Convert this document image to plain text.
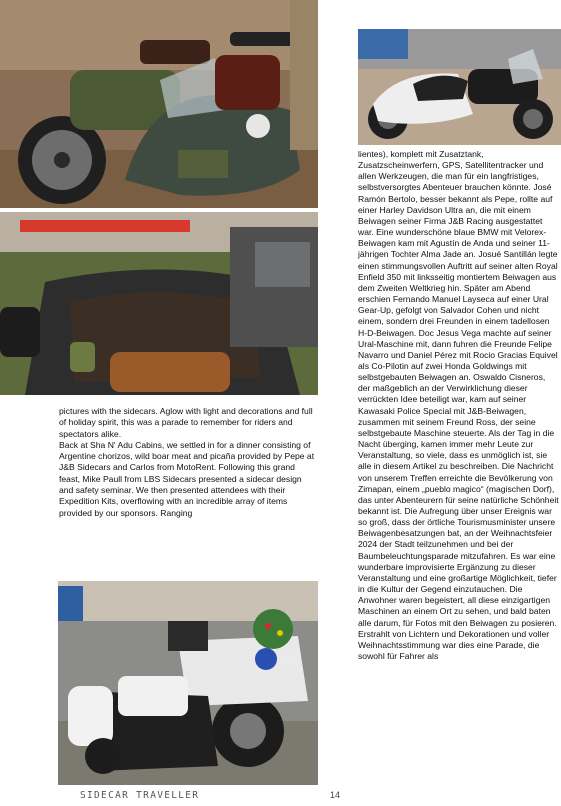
pictures with the sidecars. Aglow with light and decorations and full of holiday spirit, this was a parade to remember for riders and spectators alike.
Back at Sha N' Adu Cabins, we settled in for a dinner consisting of Argentine chorizos, wild boar meat and picaña provided by Pepe at J&B Sidecars and Carlos from MotoRent. Following this grand feast, Mike Paull from LBS Sidecars presented a sidecar design and safety seminar. We then presented attendees with their Expedition Kits, overflowing with an incredible array of items provided by our sponsors. Ranging

lientes), komplett mit Zusatztank, Zusatzscheinwerfern, GPS, Satellitentracker und allen Werkzeugen, die man für ein langfristiges, selbstversorgtes Abenteuer brauchen könnte. José Ramón Bertolo, besser bekannt als Pepe, rollte auf einer Harley Davidson Ultra an, die mit einem Beiwagen seiner Firma J&B Racing ausgestattet war. Eine wunderschöne blaue BMW mit Velorex-Beiwagen kam mit Agustín de Anda und seiner 11-jährigen Tochter Alma Jade an. Josué Santillán legte einen stimmungsvollen Auftritt auf seiner alten Royal Enfield 350 mit linksseitig montiertem Beiwagen aus dem Zweiten Weltkrieg hin. Später am Abend erschien Fernando Manuel Layseca auf einer Ural Gear-Up, gefolgt von Salvador Cohen und nicht einem, sondern drei Freunden in einem tadellosen H-D-Beiwagen. Doc Jesus Vega machte auf seiner Ural-Maschine mit, dann fuhren die Freunde Felipe Navarro und Daniel Pérez mit Rocio Gracias Equivel als Co-Pilotin auf zwei Honda Goldwings mit selbstgebauten Beiwagen an. Oswaldo Cisneros, der maßgeblich an der Verwirklichung dieser verrückten Idee beteiligt war, kam auf seiner Kawasaki Police Special mit J&B-Beiwagen, zusammen mit seinem Freund Ross, der seine selbstgebaute Maschine steuerte. Als der Tag in die Nacht überging, kamen immer mehr Leute zur Veranstaltung, so viele, dass es unmöglich ist, sie alle in diesem Artikel zu beschreiben. Die Nachricht von unserem Treffen erreichte die Bevölkerung von Zimapan, einem „pueblo magico“ (magischen Dorf), das unter Abenteurern für seine natürliche Schönheit bekannt ist. Die Aufregung über unser Ereignis war so groß, dass der örtliche Tourismusminister unsere Beiwagenbesatzungen bat, an der Weihnachtsfeier 2024 der Stadt teilzunehmen und bei der Baumbeleuchtungsparade mitzufahren. Es war eine wunderbare improvisierte Ergänzung zu dieser Veranstaltung und eine großartige Möglichkeit, tiefer in die Kultur der Gegend einzutauchen. Die Anwohner waren begeistert, all diese einzigartigen Maschinen an einem Ort zu sehen, und bald baten alle darum, für Fotos mit den Beiwagen zu posieren. Erstrahlt von Lichtern und Dekorationen und voller Weihnachtsstimmung war dies eine Parade, die sowohl für Fahrer als

SIDECAR TRAVELLER	14
